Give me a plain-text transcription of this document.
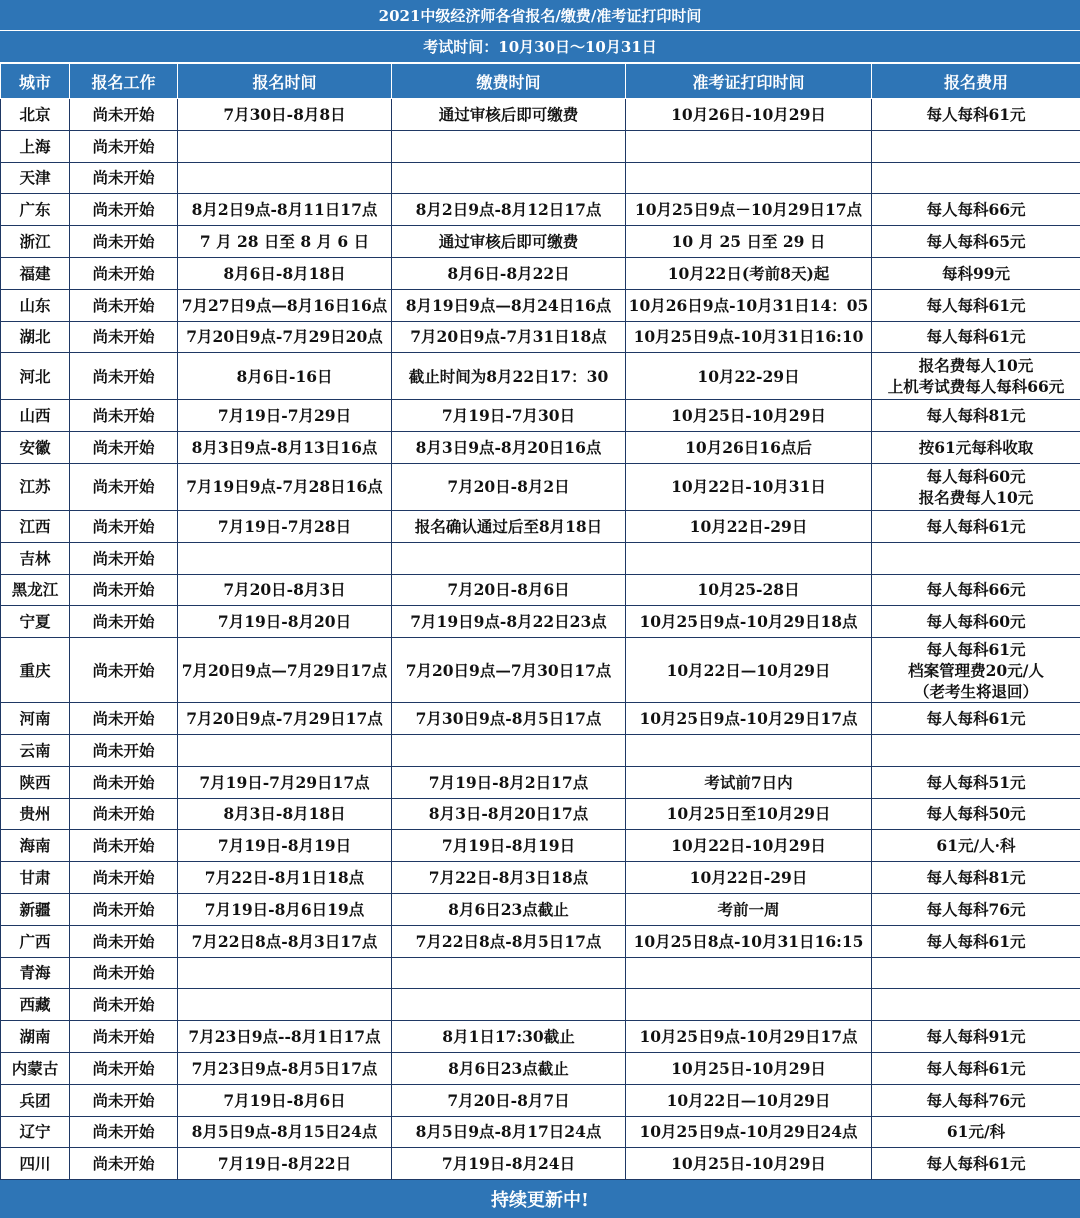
2021中级经济师各省报名/缴费/准考证打印时间
考试时间：10月30日～10月31日
城市	报名工作	报名时间	缴费时间	准考证打印时间	报名费用
北京	尚未开始	7月30日-8月8日	通过审核后即可缴费	10月26日-10月29日	每人每科61元
上海	尚未开始				
天津	尚未开始				
广东	尚未开始	8月2日9点-8月11日17点	8月2日9点-8月12日17点	10月25日9点－10月29日17点	每人每科66元
浙江	尚未开始	7 月 28 日至 8 月 6 日	通过审核后即可缴费	10 月 25 日至 29 日	每人每科65元
福建	尚未开始	8月6日-8月18日	8月6日-8月22日	10月22日(考前8天)起	每科99元
山东	尚未开始	7月27日9点—8月16日16点	8月19日9点—8月24日16点	10月26日9点-10月31日14：05	每人每科61元
湖北	尚未开始	7月20日9点-7月29日20点	7月20日9点-7月31日18点	10月25日9点-10月31日16:10	每人每科61元
河北	尚未开始	8月6日-16日	截止时间为8月22日17：30	10月22-29日	报名费每人10元
上机考试费每人每科66元
山西	尚未开始	7月19日-7月29日	7月19日-7月30日	10月25日-10月29日	每人每科81元
安徽	尚未开始	8月3日9点-8月13日16点	8月3日9点-8月20日16点	10月26日16点后	按61元每科收取
江苏	尚未开始	7月19日9点-7月28日16点	7月20日-8月2日	10月22日-10月31日	每人每科60元
报名费每人10元
江西	尚未开始	7月19日-7月28日	报名确认通过后至8月18日	10月22日-29日	每人每科61元
吉林	尚未开始				
黑龙江	尚未开始	7月20日-8月3日	7月20日-8月6日	10月25-28日	每人每科66元
宁夏	尚未开始	7月19日-8月20日	7月19日9点-8月22日23点	10月25日9点-10月29日18点	每人每科60元
重庆	尚未开始	7月20日9点—7月29日17点	7月20日9点—7月30日17点	10月22日—10月29日	每人每科61元
档案管理费20元/人
（老考生将退回）
河南	尚未开始	7月20日9点-7月29日17点	7月30日9点-8月5日17点	10月25日9点-10月29日17点	每人每科61元
云南	尚未开始				
陕西	尚未开始	7月19日-7月29日17点	7月19日-8月2日17点	考试前7日内	每人每科51元
贵州	尚未开始	8月3日-8月18日	8月3日-8月20日17点	10月25日至10月29日	每人每科50元
海南	尚未开始	7月19日-8月19日	7月19日-8月19日	10月22日-10月29日	61元/人·科
甘肃	尚未开始	7月22日-8月1日18点	7月22日-8月3日18点	10月22日-29日	每人每科81元
新疆	尚未开始	7月19日-8月6日19点	8月6日23点截止	考前一周	每人每科76元
广西	尚未开始	7月22日8点-8月3日17点	7月22日8点-8月5日17点	10月25日8点-10月31日16:15	每人每科61元
青海	尚未开始				
西藏	尚未开始				
湖南	尚未开始	7月23日9点--8月1日17点	8月1日17:30截止	10月25日9点-10月29日17点	每人每科91元
内蒙古	尚未开始	7月23日9点-8月5日17点	8月6日23点截止	10月25日-10月29日	每人每科61元
兵团	尚未开始	7月19日-8月6日	7月20日-8月7日	10月22日—10月29日	每人每科76元
辽宁	尚未开始	8月5日9点-8月15日24点	8月5日9点-8月17日24点	10月25日9点-10月29日24点	61元/科
四川	尚未开始	7月19日-8月22日	7月19日-8月24日	10月25日-10月29日	每人每科61元
持续更新中!
